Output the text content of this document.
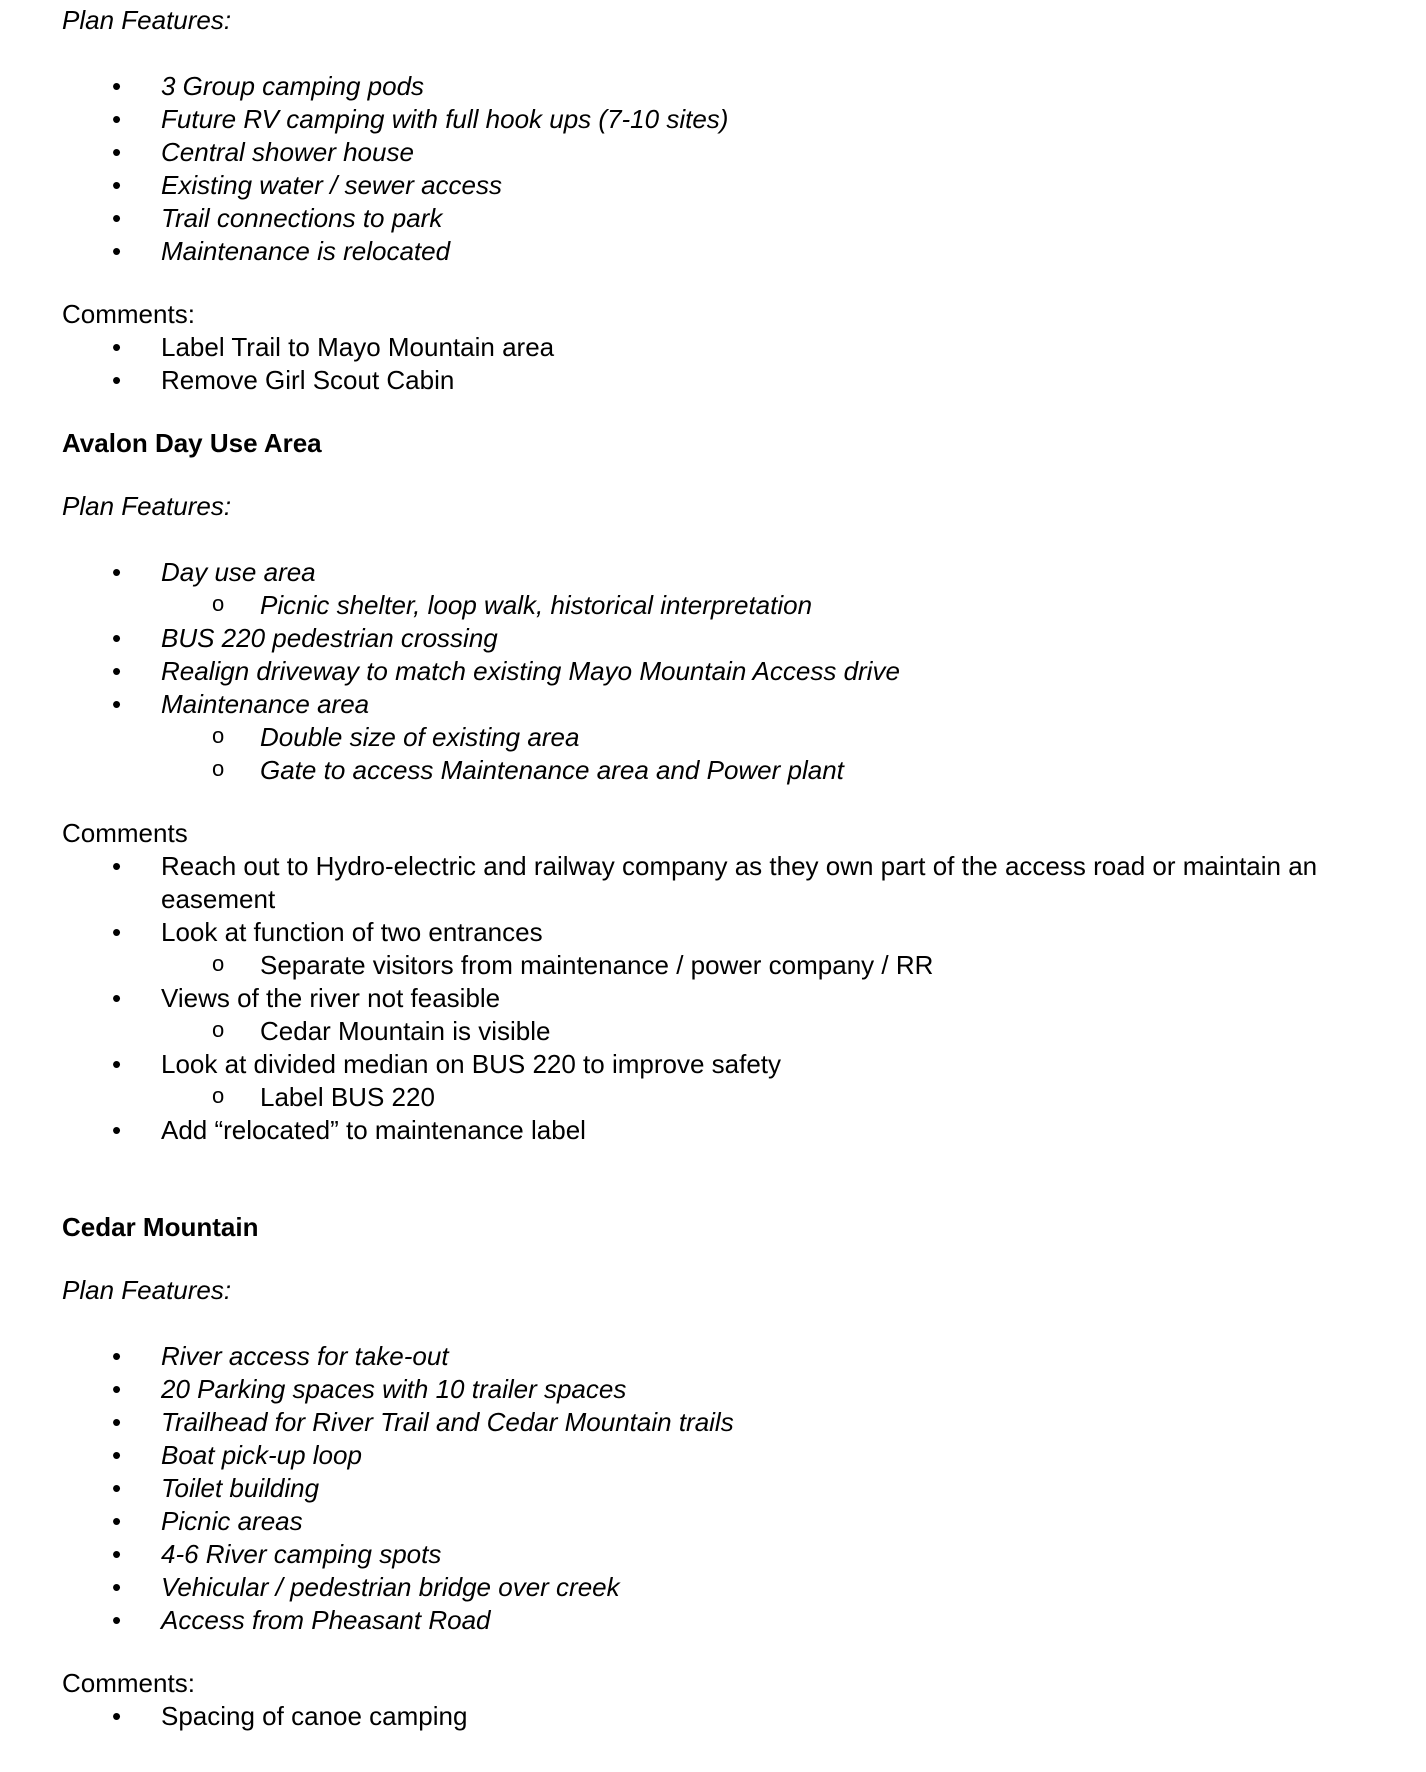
Plan Features:
• 3 Group camping pods
• Future RV camping with full hook ups (7-10 sites)
• Central shower house
• Existing water / sewer access
• Trail connections to park
• Maintenance is relocated
Comments:
• Label Trail to Mayo Mountain area
• Remove Girl Scout Cabin
Avalon Day Use Area
Plan Features:
• Day use area
o Picnic shelter, loop walk, historical interpretation
• BUS 220 pedestrian crossing
• Realign driveway to match existing Mayo Mountain Access drive
• Maintenance area
o Double size of existing area
o Gate to access Maintenance area and Power plant
Comments
• Reach out to Hydro-electric and railway company as they own part of the access road or maintain an easement
• Look at function of two entrances
o Separate visitors from maintenance / power company / RR
• Views of the river not feasible
o Cedar Mountain is visible
• Look at divided median on BUS 220 to improve safety
o Label BUS 220
• Add “relocated” to maintenance label
Cedar Mountain
Plan Features:
• River access for take-out
• 20 Parking spaces with 10 trailer spaces
• Trailhead for River Trail and Cedar Mountain trails
• Boat pick-up loop
• Toilet building
• Picnic areas
• 4-6 River camping spots
• Vehicular / pedestrian bridge over creek
• Access from Pheasant Road
Comments:
• Spacing of canoe camping
